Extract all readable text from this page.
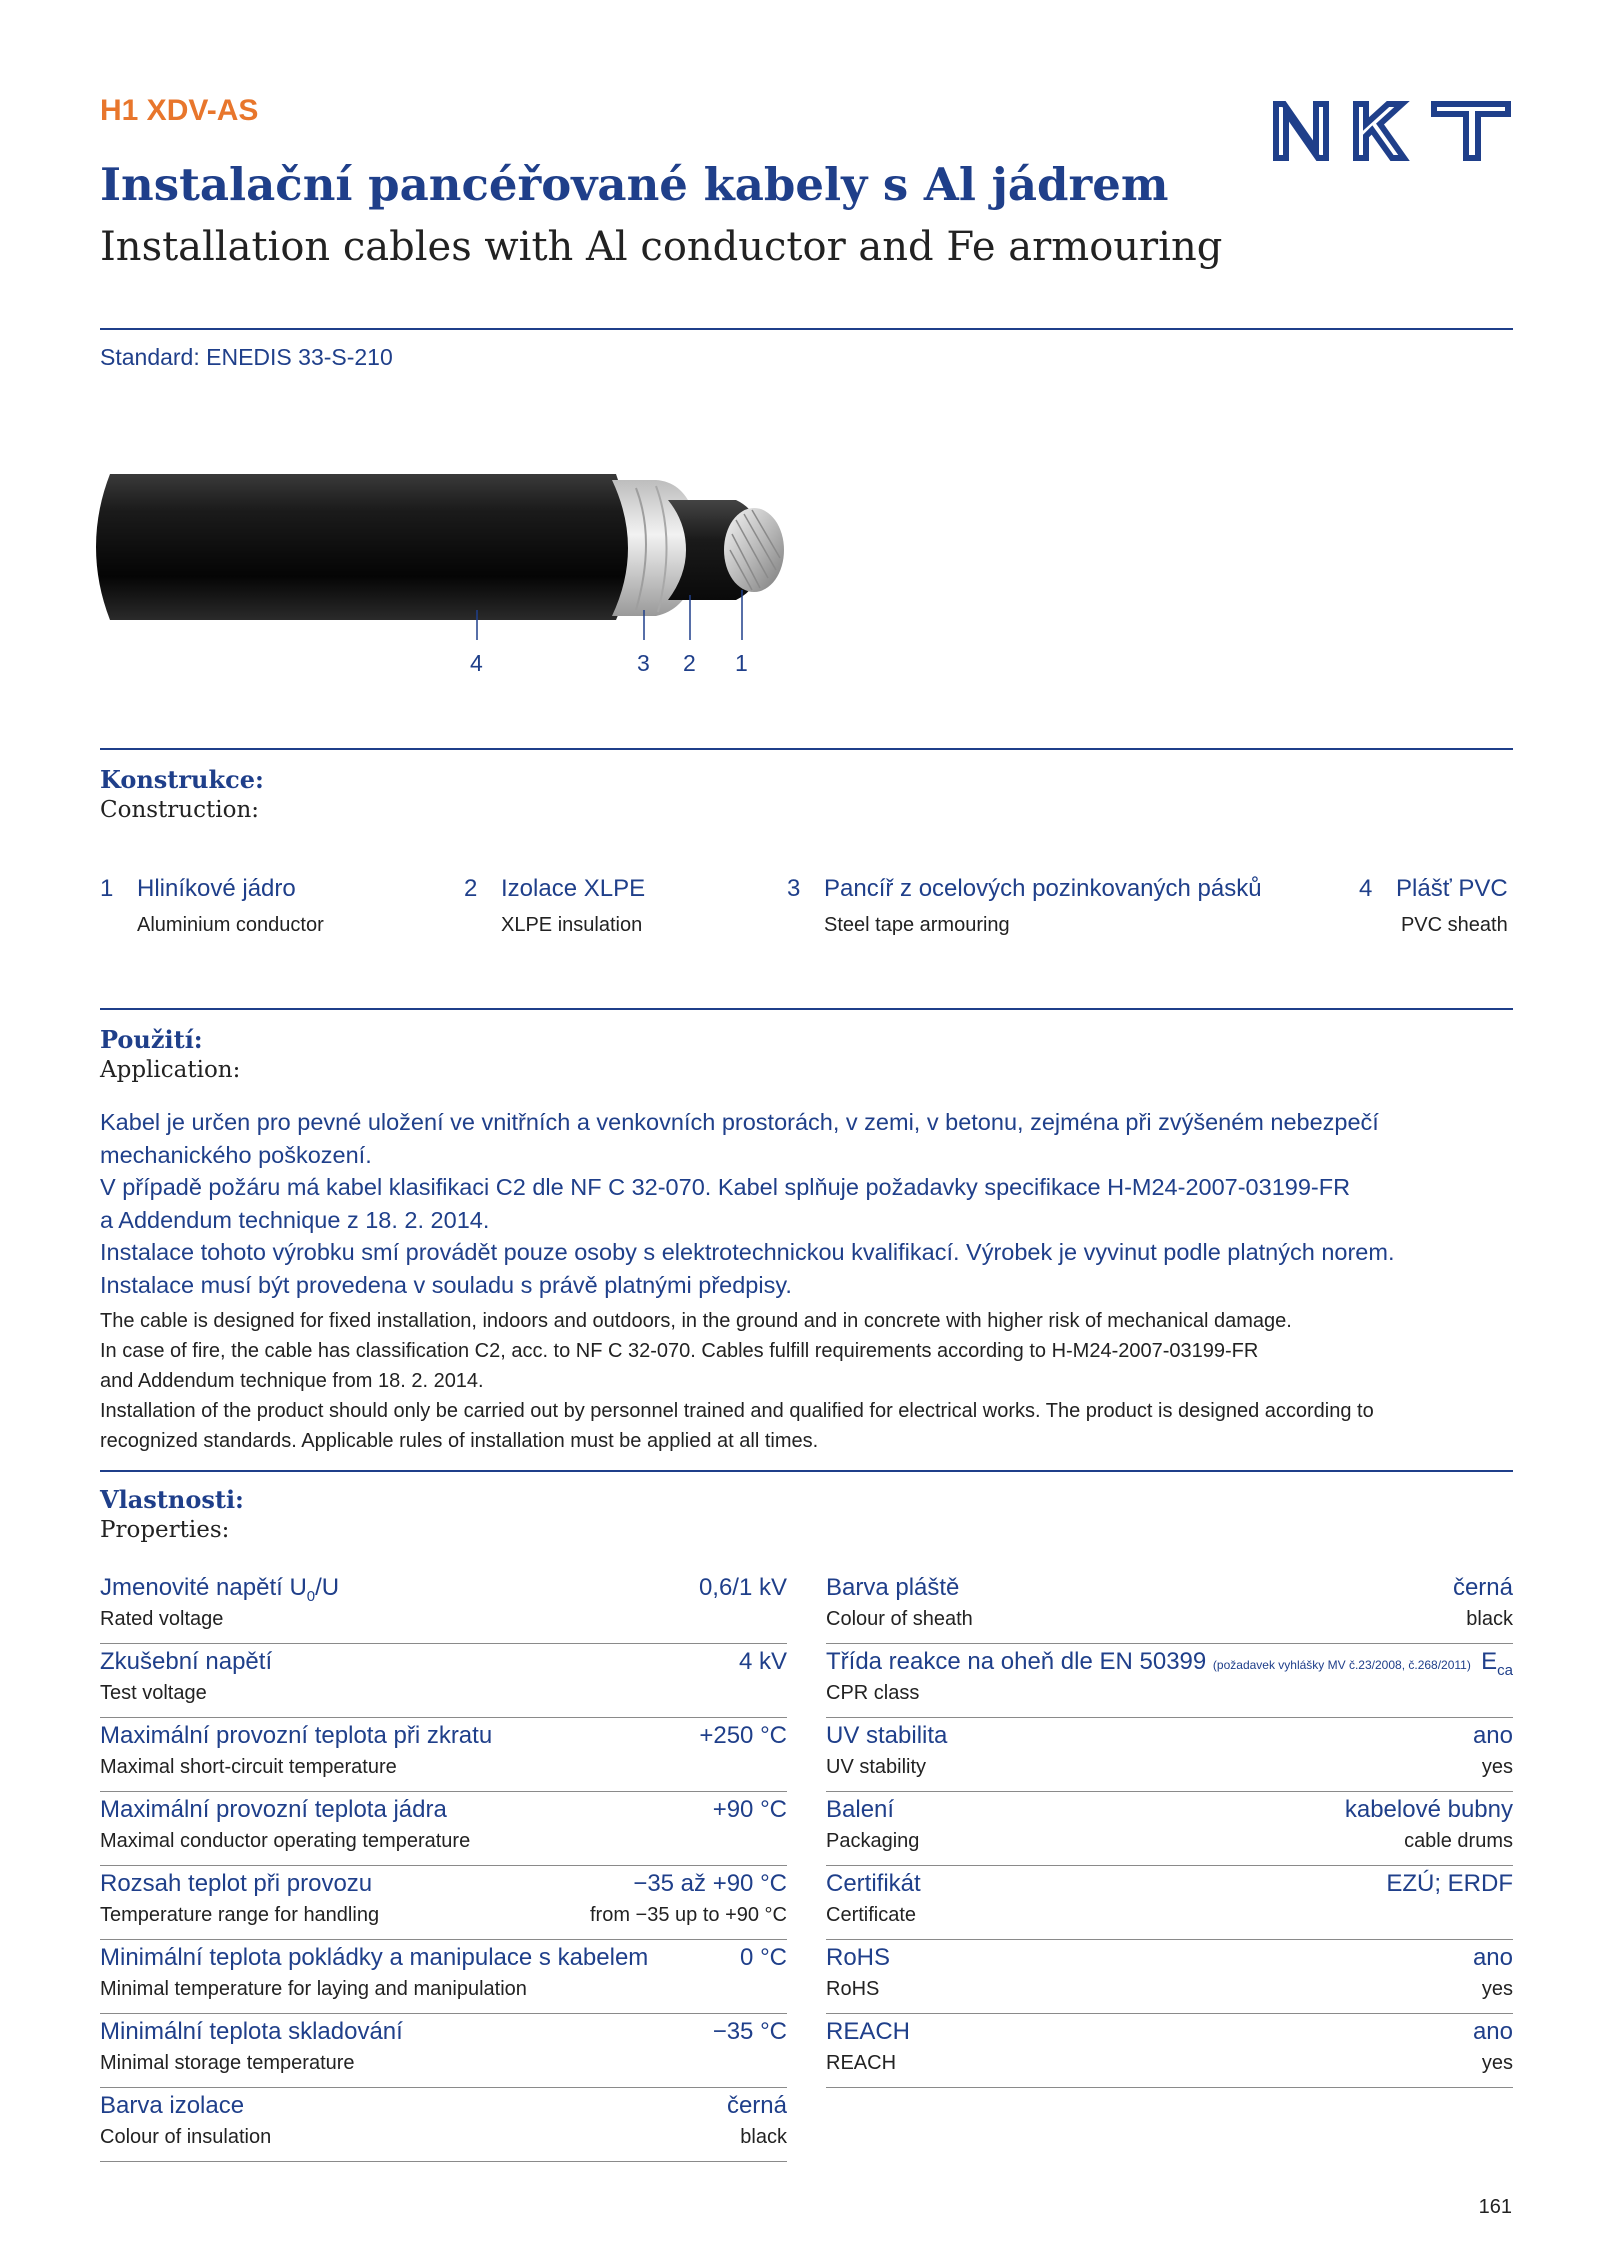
H1 XDV-AS
Instalační pancéřované kabely s Al jádrem
Installation cables with Al conductor and Fe armouring
Standard: ENEDIS 33-S-210
4	3 2 1
Konstrukce:
Construction:
1 Hliníkové jádro
Aluminium conductor
2 Izolace XLPE
XLPE insulation
3 Pancíř z ocelových pozinkovaných pásků
Steel tape armouring
4 Plášť PVC
PVC sheath
Použití:
Application:
Kabel je určen pro pevné uložení ve vnitřních a venkovních prostorách, v zemi, v betonu, zejména při zvýšeném nebezpečí
mechanického poškození.
V případě požáru má kabel klasifikaci C2 dle NF C 32-070. Kabel splňuje požadavky specifikace H-M24-2007-03199-FR
a Addendum technique z 18. 2. 2014.
Instalace tohoto výrobku smí provádět pouze osoby s elektrotechnickou kvalifikací. Výrobek je vyvinut podle platných norem.
Instalace musí být provedena v souladu s právě platnými předpisy.
The cable is designed for fixed installation, indoors and outdoors, in the ground and in concrete with higher risk of mechanical damage.
In case of fire, the cable has classification C2, acc. to NF C 32-070. Cables fulfill requirements according to H-M24-2007-03199-FR
and Addendum technique from 18. 2. 2014.
Installation of the product should only be carried out by personnel trained and qualified for electrical works. The product is designed according to
recognized standards. Applicable rules of installation must be applied at all times.
Vlastnosti:
Properties:
Jmenovité napětí $U_0/U$
Rated voltage
0,6/1 kV
Zkušební napětí
Test voltage
4 kV
Maximální provozní teplota při zkratu
Maximal short-circuit temperature
+250 °C
Maximální provozní teplota jádra
Maximal conductor operating temperature
+90 °C
Rozsah teplot při provozu
Temperature range for handling
−35 až +90 °C
from −35 up to +90 °C
Minimální teplota pokládky a manipulace s kabelem
Minimal temperature for laying and manipulation
0 °C
Minimální teplota skladování
Minimal storage temperature
−35 °C
Barva izolace
Colour of insulation
černá
black
Barva pláště
Colour of sheath
černá
black
Třída reakce na oheň dle EN 50399 (požadavek vyhlášky MV č.23/2008, č.268/2011)
CPR class
$E_{ca}$
UV stabilita
UV stability
ano
yes
Balení
Packaging
kabelové bubny
cable drums
Certifikát
Certificate
EZÚ; ERDF
RoHS
RoHS
ano
yes
REACH
REACH
ano
yes
161
